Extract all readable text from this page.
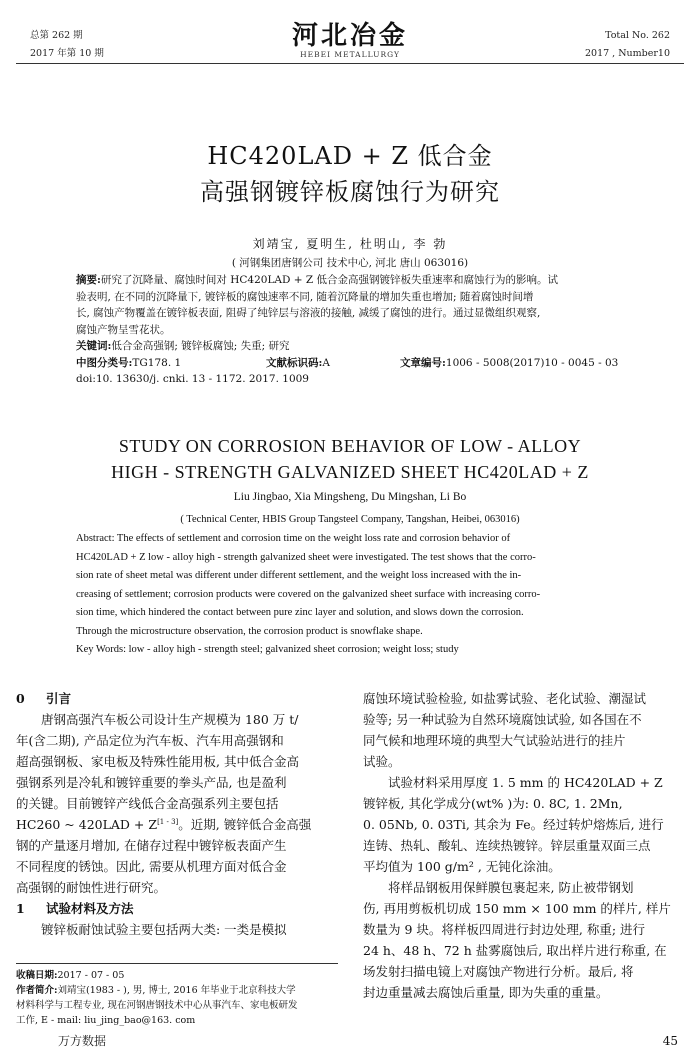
总第 262 期
2017 年第 10 期
河北冶金
HEBEI METALLURGY
Total No. 262
2017 , Number10
HC420LAD + Z 低合金
高强钢镀锌板腐蚀行为研究
刘靖宝, 夏明生, 杜明山, 李 勃
( 河钢集团唐钢公司 技术中心, 河北 唐山 063016)
摘要:研究了沉降量、腐蚀时间对 HC420LAD + Z 低合金高强钢镀锌板失重速率和腐蚀行为的影响。试
验表明, 在不同的沉降量下, 镀锌板的腐蚀速率不同, 随着沉降量的增加失重也增加; 随着腐蚀时间增
长, 腐蚀产物覆盖在镀锌板表面, 阻碍了纯锌层与溶液的接触, 减缓了腐蚀的进行。通过显微组织观察,
腐蚀产物呈雪花状。
关键词:低合金高强钢; 镀锌板腐蚀; 失重; 研究
中图分类号:TG178. 1	文献标识码:A	文章编号:1006 - 5008(2017)10 - 0045 - 03
doi:10. 13630/j. cnki. 13 - 1172. 2017. 1009
STUDY ON CORROSION BEHAVIOR OF LOW - ALLOY
HIGH - STRENGTH GALVANIZED SHEET HC420LAD + Z
Liu Jingbao, Xia Mingsheng, Du Mingshan, Li Bo
( Technical Center, HBIS Group Tangsteel Company, Tangshan, Heibei, 063016)
Abstract: The effects of settlement and corrosion time on the weight loss rate and corrosion behavior of
HC420LAD + Z low - alloy high - strength galvanized sheet were investigated. The test shows that the corro-
sion rate of sheet metal was different under different settlement, and the weight loss increased with the in-
creasing of settlement; corrosion products were covered on the galvanized sheet surface with increasing corro-
sion time, which hindered the contact between pure zinc layer and solution, and slows down the corrosion.
Through the microstructure observation, the corrosion product is snowflake shape.
Key Words: low - alloy high - strength steel; galvanized sheet corrosion; weight loss; study
0 引言
唐钢高强汽车板公司设计生产规模为 180 万 t/
年(含二期), 产品定位为汽车板、汽车用高强钢和
超高强钢板、家电板及特殊性能用板, 其中低合金高
强钢系列是冷轧和镀锌重要的拳头产品, 也是盈利
的关键。目前镀锌产线低合金高强系列主要包括
HC260 ~ 420LAD + Z[1 - 3]。近期, 镀锌低合金高强
钢的产量逐月增加, 在储存过程中镀锌板表面产生
不同程度的锈蚀。因此, 需要从机理方面对低合金
高强钢的耐蚀性进行研究。
1 试验材料及方法
镀锌板耐蚀试验主要包括两大类: 一类是模拟
收稿日期:2017 - 07 - 05
作者简介:刘靖宝(1983 - ), 男, 博士, 2016 年毕业于北京科技大学
材料科学与工程专业, 现在河钢唐钢技术中心从事汽车、家电板研发
工作, E - mail: liu_jing_bao@163. com
腐蚀环境试验检验, 如盐雾试验、老化试验、潮湿试
验等; 另一种试验为自然环境腐蚀试验, 如各国在不
同气候和地理环境的典型大气试验站进行的挂片
试验。
试验材料采用厚度 1. 5 mm 的 HC420LAD + Z
镀锌板, 其化学成分(wt% )为: 0. 8C, 1. 2Mn,
0. 05Nb, 0. 03Ti, 其余为 Fe。经过转炉熔炼后, 进行
连铸、热轧、酸轧、连续热镀锌。锌层重量双面三点
平均值为 100 g/m² , 无钝化涂油。
将样品钢板用保鲜膜包裹起来, 防止被带钢划
伤, 再用剪板机切成 150 mm × 100 mm 的样片, 样片
数量为 9 块。将样板四周进行封边处理, 称重; 进行
24 h、48 h、72 h 盐雾腐蚀后, 取出样片进行称重, 在
场发射扫描电镜上对腐蚀产物进行分析。最后, 将
封边重量减去腐蚀后重量, 即为失重的重量。
万方数据	45
